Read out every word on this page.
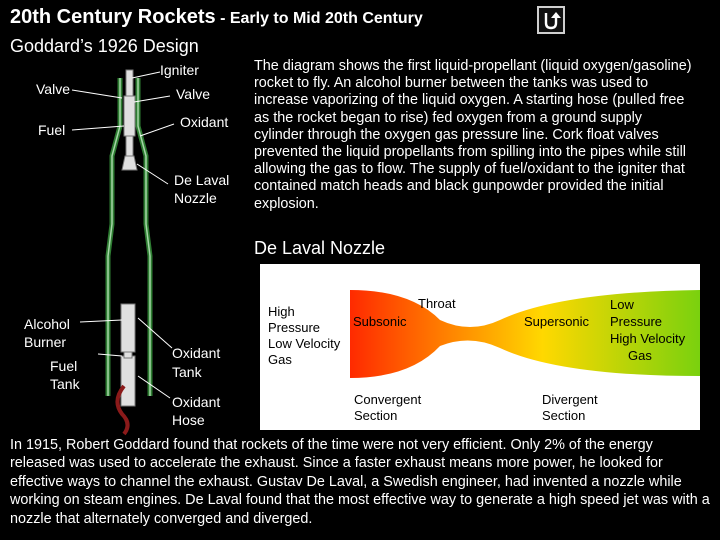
20th Century Rockets - Early to Mid 20th Century
Goddard’s 1926 Design
Valve
Fuel
Igniter
Valve
Oxidant
De Laval
Nozzle
Alcohol
Burner
Fuel
Tank
Oxidant
Tank
Oxidant
Hose
The diagram shows the first liquid-propellant (liquid oxygen/gasoline) rocket to fly. An alcohol burner between the tanks was used to increase vaporizing of the liquid oxygen. A starting hose (pulled free as the rocket began to rise) fed oxygen from a ground supply cylinder through the oxygen gas pressure line. Cork float valves prevented the liquid propellants from spilling into the pipes while still allowing the gas to flow. The supply of fuel/oxidant to the igniter that contained match heads and black gunpowder provided the initial explosion.
De Laval Nozzle
High
Pressure
Low Velocity
Gas
Subsonic
Throat
Supersonic
Low
Pressure
High Velocity
Gas
Convergent
Section
Divergent
Section
In 1915, Robert Goddard found that rockets of the time were not very efficient. Only 2% of the energy released was used to accelerate the exhaust. Since a faster exhaust means more power, he looked for effective ways to channel the exhaust. Gustav De Laval, a Swedish engineer, had invented a nozzle while working on steam engines. De Laval found that the most effective way to generate a high speed jet was with a nozzle that alternately converged and diverged.
